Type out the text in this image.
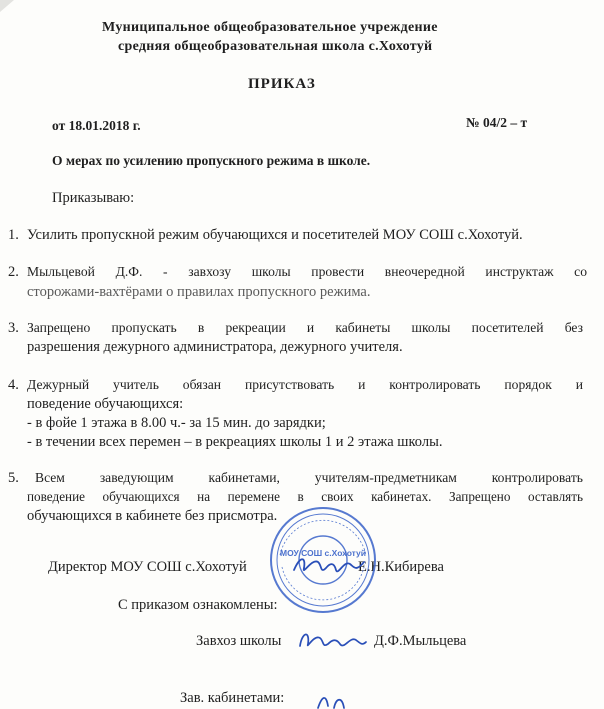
Муниципальное общеобразовательное учреждение
средняя общеобразовательная школа с.Хохотуй
ПРИКАЗ
от 18.01.2018 г.	№ 04/2 – т
О мерах по усилению пропускного режима в школе.
Приказываю:
1. Усилить пропускной режим обучающихся и посетителей МОУ СОШ с.Хохотуй.
2. Мыльцевой Д.Ф. - завхозу школы провести внеочередной инструктаж со
сторожами-вахтёрами о правилах пропускного режима.
3. Запрещено пропускать в рекреации и кабинеты школы посетителей без
разрешения дежурного администратора, дежурного учителя.
4. Дежурный учитель обязан присутствовать и контролировать порядок и
поведение обучающихся:
- в фойе 1 этажа в 8.00 ч.- за 15 мин. до зарядки;
- в течении всех перемен – в рекреациях школы 1 и 2 этажа школы.
5. Всем заведующим кабинетами, учителям-предметникам контролировать
поведение обучающихся на перемене в своих кабинетах. Запрещено оставлять
обучающихся в кабинете без присмотра.
Директор МОУ СОШ с.Хохотуй	Е.Н.Кибирева
МОУ СОШ с.Хохотуй
С приказом ознакомлены:
Завхоз школы	Д.Ф.Мыльцева
Зав. кабинетами:
